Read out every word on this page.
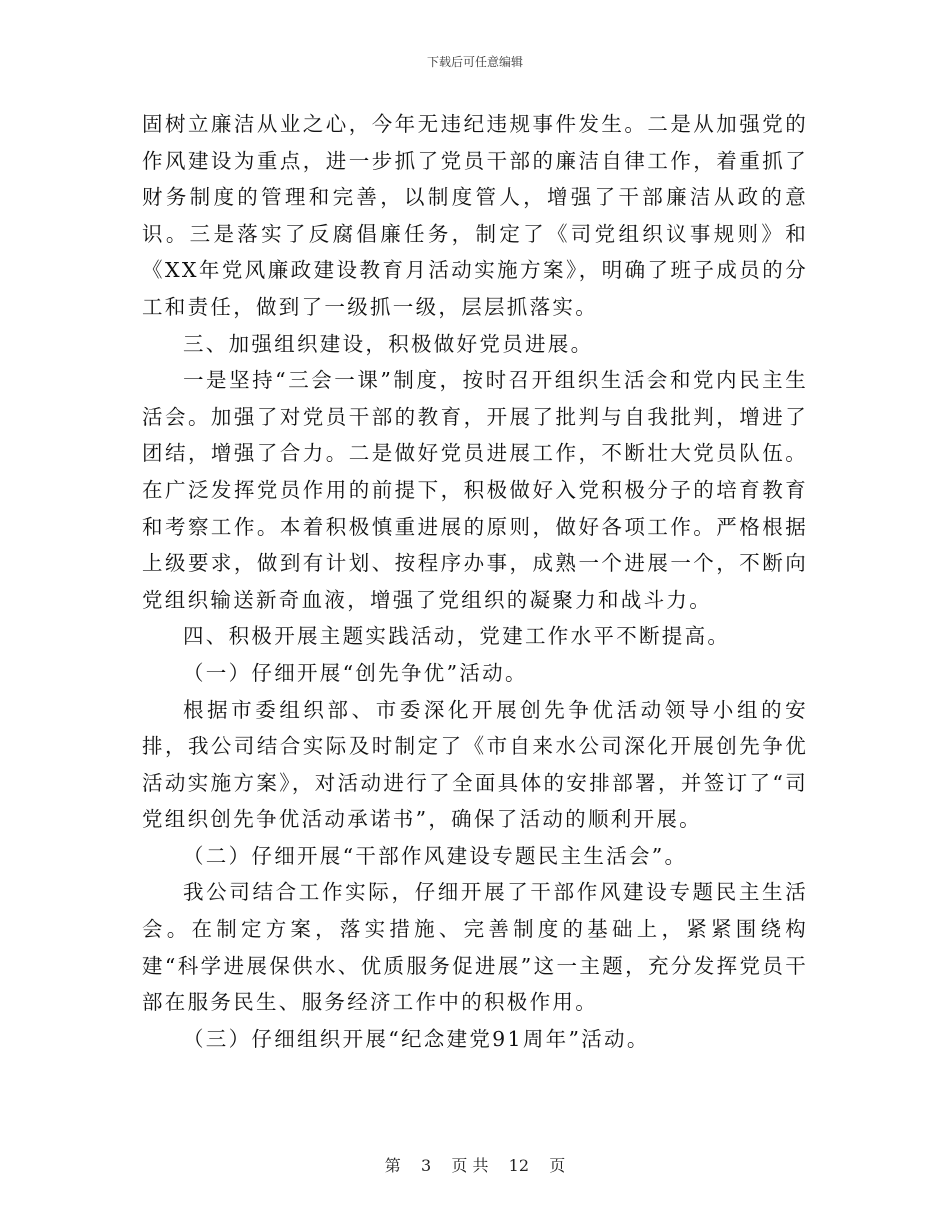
下载后可任意编辑

固树立廉洁从业之心，今年无违纪违规事件发生。二是从加强党的作风建设为重点，进一步抓了党员干部的廉洁自律工作，着重抓了财务制度的管理和完善，以制度管人，增强了干部廉洁从政的意识。三是落实了反腐倡廉任务，制定了《司党组织议事规则》和《XX年党风廉政建设教育月活动实施方案》，明确了班子成员的分工和责任，做到了一级抓一级，层层抓落实。

三、加强组织建设，积极做好党员进展。

一是坚持“三会一课”制度，按时召开组织生活会和党内民主生活会。加强了对党员干部的教育，开展了批判与自我批判，增进了团结，增强了合力。二是做好党员进展工作，不断壮大党员队伍。在广泛发挥党员作用的前提下，积极做好入党积极分子的培育教育和考察工作。本着积极慎重进展的原则，做好各项工作。严格根据上级要求，做到有计划、按程序办事，成熟一个进展一个，不断向党组织输送新奇血液，增强了党组织的凝聚力和战斗力。

四、积极开展主题实践活动，党建工作水平不断提高。

（一）仔细开展“创先争优”活动。

根据市委组织部、市委深化开展创先争优活动领导小组的安排，我公司结合实际及时制定了《市自来水公司深化开展创先争优活动实施方案》，对活动进行了全面具体的安排部署，并签订了“司党组织创先争优活动承诺书”，确保了活动的顺利开展。

（二）仔细开展“干部作风建设专题民主生活会”。

我公司结合工作实际，仔细开展了干部作风建设专题民主生活会。在制定方案，落实措施、完善制度的基础上，紧紧围绕构建“科学进展保供水、优质服务促进展”这一主题，充分发挥党员干部在服务民生、服务经济工作中的积极作用。

（三）仔细组织开展“纪念建党91周年”活动。

第 3 页 共 12 页
